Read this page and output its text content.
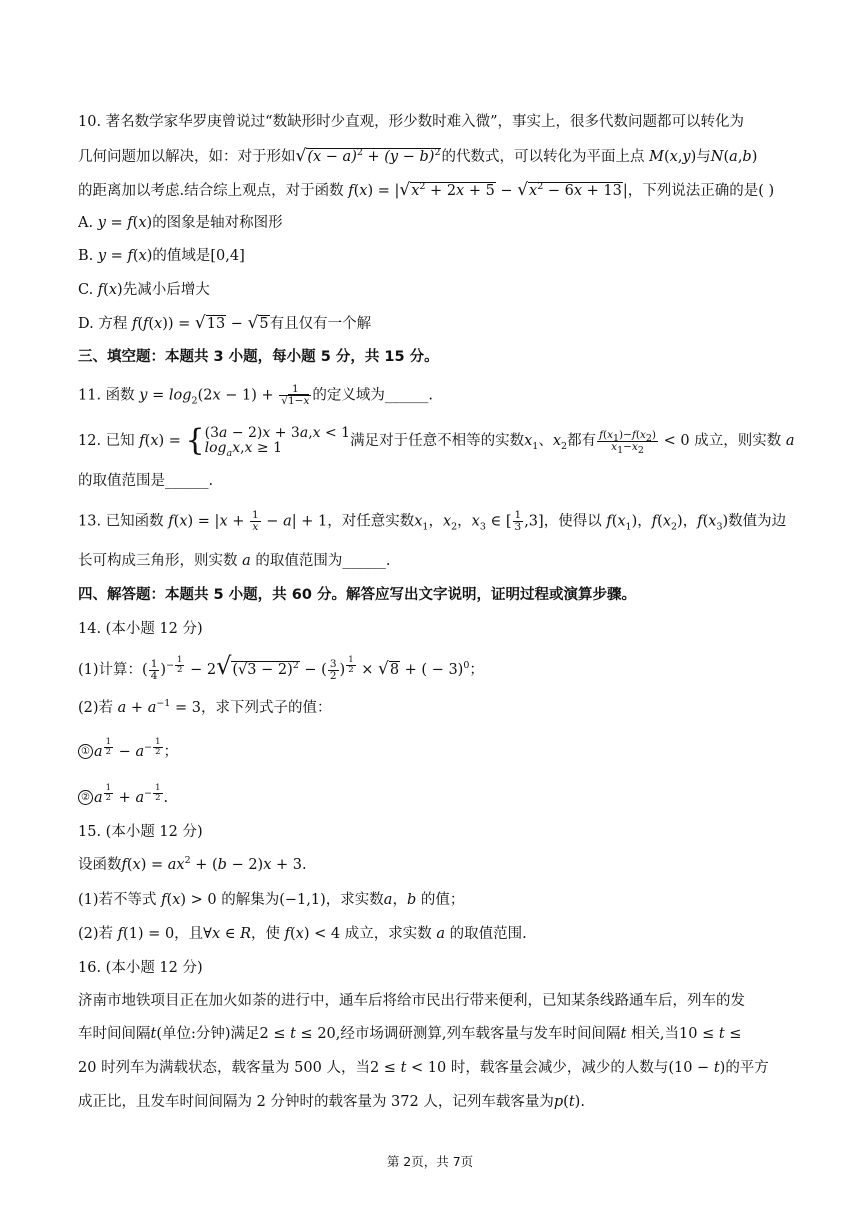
10. 著名数学家华罗庚曾说过“数缺形时少直观，形少数时难入微”，事实上，很多代数问题都可以转化为
几何问题加以解决，如：对于形如$√(x - a)^2 + (y - b)^2$的代数式，可以转化为平面上点 M(x,y)与N(a,b)
的距离加以考虑.结合综上观点，对于函数 $f(x) = |√x^2 + 2x + 5 - √x^2 - 6x + 13|$，下列说法正确的是( )
A. y = f(x)的图象是轴对称图形
B. y = f(x)的值域是[0,4]
C. f(x)先减小后增大
D. 方程 f(f(x)) = √13 − √5有且仅有一个解
三、填空题：本题共 3 小题，每小题 5 分，共 15 分。
11. 函数 $y = \log_2(2x - 1) + \frac{1}{√1-x}$ 的定义域为______.
12. 已知 f(x) = { (3a − 2)x + 3a,x < 1
$\log_ax,x \ge 1$	满足对于任意不相等的实数$x_1$、$x_2$都有 $\frac{f(x_1)-f(x_2)}{x_1-x_2} < 0$ 成立，则实数 a
的取值范围是______.
13. 已知函数 $f(x) = |x + \frac{1}{x} - a| + 1$，对任意实数$x_1$，$x_2$，$x_3$ ∈ [ $\frac{1}{3} ,3$]，使得以 $f(x_1)$，$f(x_2)$，$f(x_3)$数值为边
长可构成三角形，则实数 a 的取值范围为______.
四、解答题：本题共 5 小题，共 60 分。解答应写出文字说明，证明过程或演算步骤。
14. (本小题 12 分)
(1)计算：( $\frac{1}{4} )^{- \frac{1}{2}} - 2√(√3 - 2)^2$ − ( $\frac{3}{2}$ ) $^{\frac{1}{2}}$ × √8 + ( − 3)$^0$；
(2)若 $a + a^{-1} = 3$，求下列式子的值：
① a $^{\frac{1}{2}} - a^{- \frac{1}{2}}$ ；
② a $^{\frac{1}{2}} + a^{- \frac{1}{2}}$ .
15. (本小题 12 分)
设函数$f(x) = ax^2 + (b - 2)x + 3$.
(1)若不等式 f(x) > 0 的解集为(−1,1)，求实数a，b 的值；
(2)若 f(1) = 0，且∀x ∈ R，使 f(x) < 4 成立，求实数 a 的取值范围.
16. (本小题 12 分)
济南市地铁项目正在加火如荼的进行中，通车后将给市民出行带来便利，已知某条线路通车后，列车的发
车时间间隔t(单位:分钟)满足2 ≤ t ≤ 20,经市场调研测算,列车载客量与发车时间间隔t 相关,当10 ≤ t ≤
20 时列车为满载状态，载客量为 500 人，当2 ≤ t < 10 时，载客量会减少，减少的人数与(10 − t)的平方
成正比，且发车时间间隔为 2 分钟时的载客量为 372 人，记列车载客量为p(t).
第 2页，共 7页
